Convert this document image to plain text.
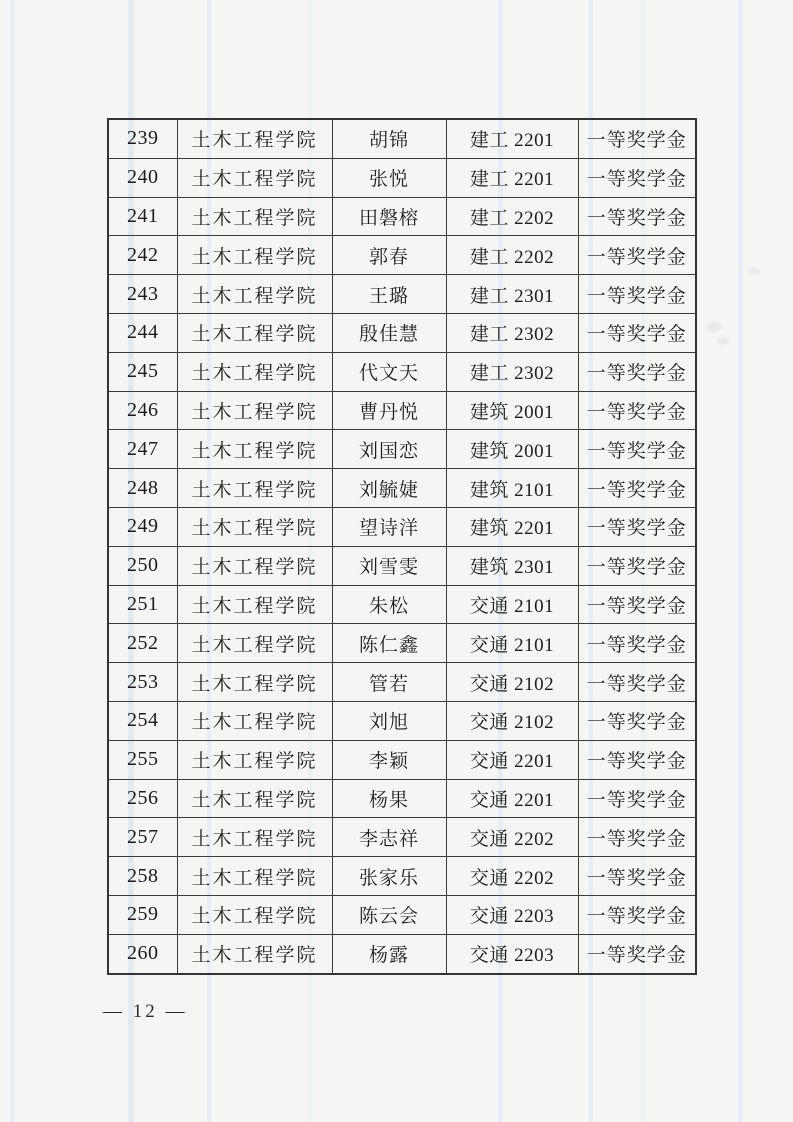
239	土木工程学院	胡锦	建工 2201	一等奖学金
240	土木工程学院	张悦	建工 2201	一等奖学金
241	土木工程学院	田磐榕	建工 2202	一等奖学金
242	土木工程学院	郭春	建工 2202	一等奖学金
243	土木工程学院	王璐	建工 2301	一等奖学金
244	土木工程学院	殷佳慧	建工 2302	一等奖学金
245	土木工程学院	代文天	建工 2302	一等奖学金
246	土木工程学院	曹丹悦	建筑 2001	一等奖学金
247	土木工程学院	刘国恋	建筑 2001	一等奖学金
248	土木工程学院	刘毓婕	建筑 2101	一等奖学金
249	土木工程学院	望诗洋	建筑 2201	一等奖学金
250	土木工程学院	刘雪雯	建筑 2301	一等奖学金
251	土木工程学院	朱松	交通 2101	一等奖学金
252	土木工程学院	陈仁鑫	交通 2101	一等奖学金
253	土木工程学院	管若	交通 2102	一等奖学金
254	土木工程学院	刘旭	交通 2102	一等奖学金
255	土木工程学院	李颖	交通 2201	一等奖学金
256	土木工程学院	杨果	交通 2201	一等奖学金
257	土木工程学院	李志祥	交通 2202	一等奖学金
258	土木工程学院	张家乐	交通 2202	一等奖学金
259	土木工程学院	陈云会	交通 2203	一等奖学金
260	土木工程学院	杨露	交通 2203	一等奖学金
— 12 —
